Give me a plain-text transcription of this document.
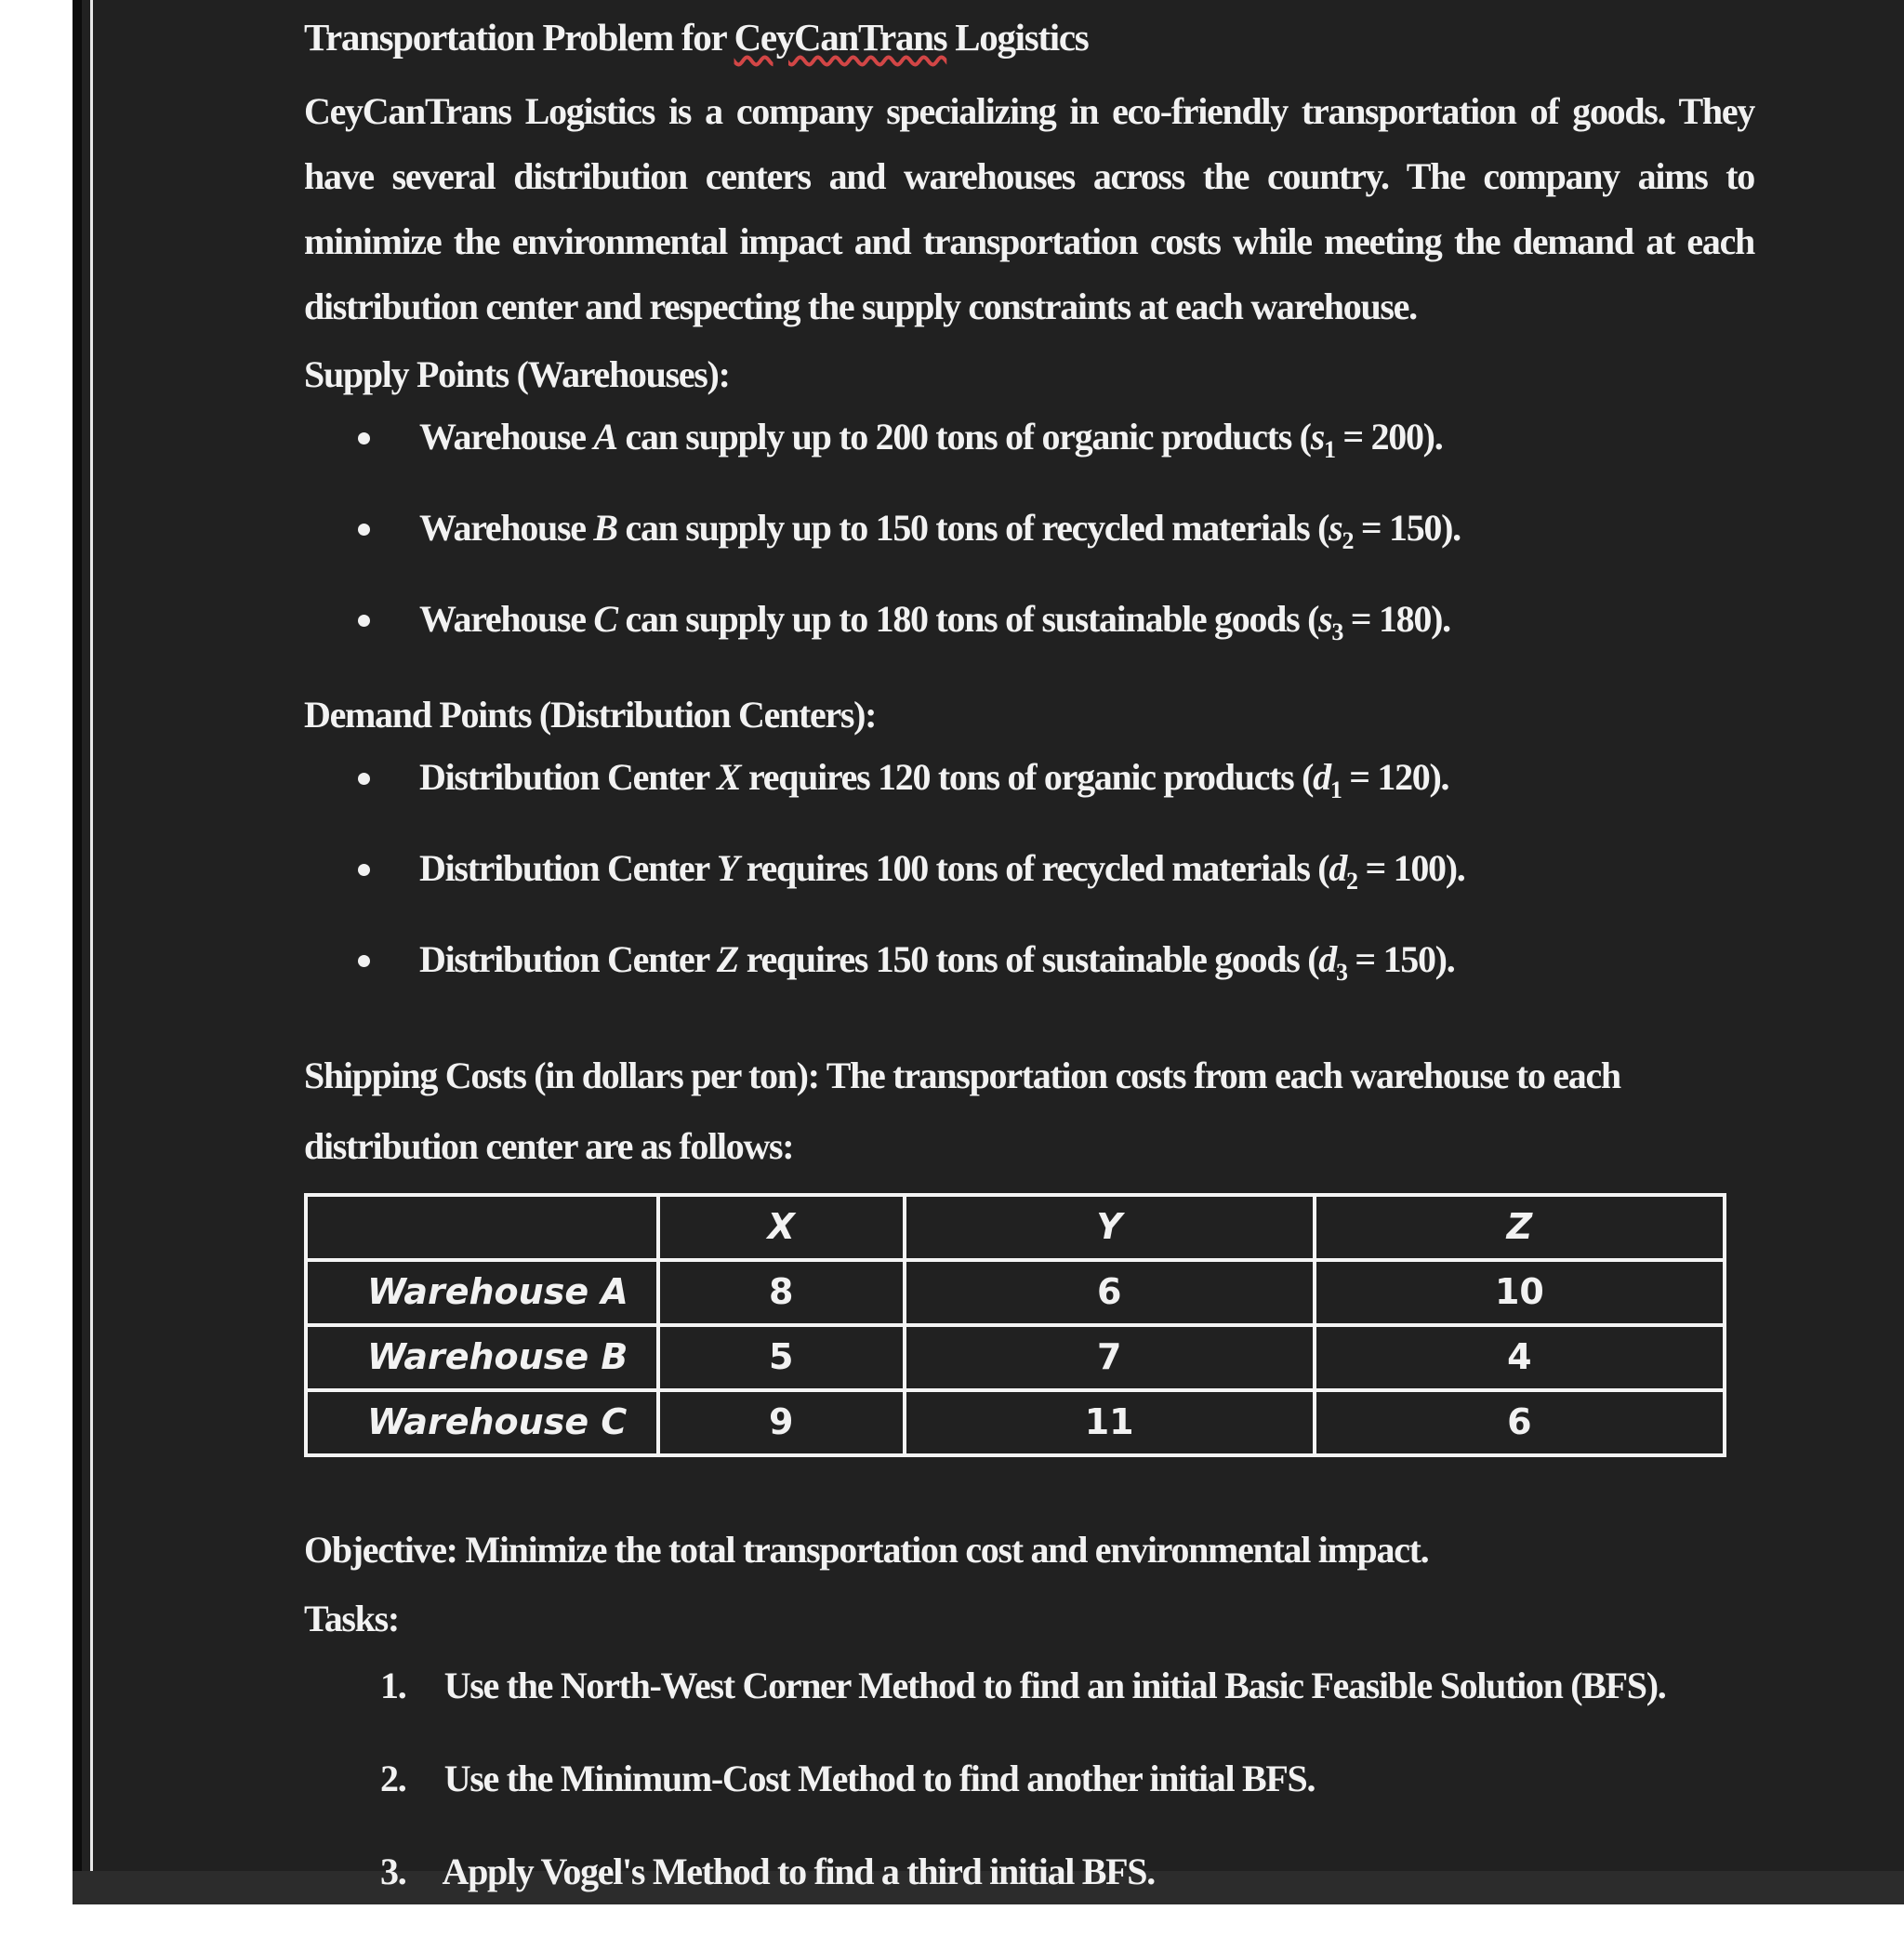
Transportation Problem for CeyCanTrans Logistics

CeyCanTrans Logistics is a company specializing in eco-friendly transportation of goods. They have several distribution centers and warehouses across the country. The company aims to minimize the environmental impact and transportation costs while meeting the demand at each distribution center and respecting the supply constraints at each warehouse.

Supply Points (Warehouses):
Warehouse A can supply up to 200 tons of organic products $(s_1 = 200)$.
Warehouse B can supply up to 150 tons of recycled materials $(s_2 = 150)$.
Warehouse C can supply up to 180 tons of sustainable goods $(s_3 = 180)$.
Demand Points (Distribution Centers):
Distribution Center X requires 120 tons of organic products $(d_1 = 120)$.
Distribution Center Y requires 100 tons of recycled materials $(d_2 = 100)$.
Distribution Center Z requires 150 tons of sustainable goods $(d_3 = 150)$.

Shipping Costs (in dollars per ton): The transportation costs from each warehouse to each distribution center are as follows:

	X	Y	Z
Warehouse A	8	6	10
Warehouse B	5	7	4
Warehouse C	9	11	6

Objective: Minimize the total transportation cost and environmental impact.

Tasks:
1. Use the North-West Corner Method to find an initial Basic Feasible Solution (BFS).
2. Use the Minimum-Cost Method to find another initial BFS.
3. Apply Vogel's Method to find a third initial BFS.
